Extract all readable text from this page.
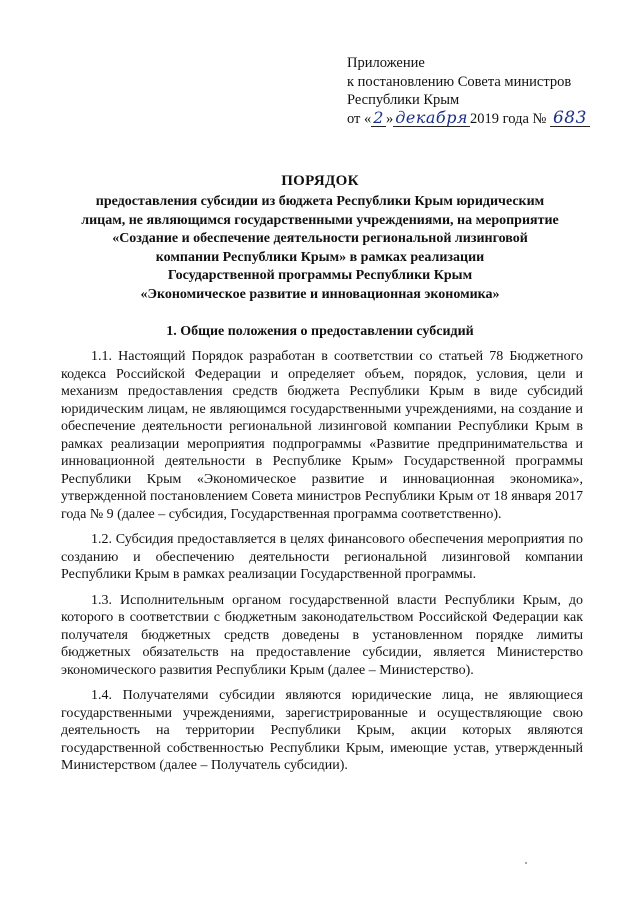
Приложение
к постановлению Совета министров
Республики Крым
от « 2 » декабря 2019 года № 683
ПОРЯДОК
предоставления субсидии из бюджета Республики Крым юридическим
лицам, не являющимся государственными учреждениями, на мероприятие
«Создание и обеспечение деятельности региональной лизинговой
компании Республики Крым» в рамках реализации
Государственной программы Республики Крым
«Экономическое развитие и инновационная экономика»
1. Общие положения о предоставлении субсидий

1.1. Настоящий Порядок разработан в соответствии со статьей 78 Бюджетного кодекса Российской Федерации и определяет объем, порядок, условия, цели и механизм предоставления средств бюджета Республики Крым в виде субсидий юридическим лицам, не являющимся государственными учреждениями, на создание и обеспечение деятельности региональной лизинговой компании Республики Крым в рамках реализации мероприятия подпрограммы «Развитие предпринимательства и инновационной деятельности в Республике Крым» Государственной программы Республики Крым «Экономическое развитие и инновационная экономика», утвержденной постановлением Совета министров Республики Крым от 18 января 2017 года № 9 (далее – субсидия, Государственная программа соответственно).

1.2. Субсидия предоставляется в целях финансового обеспечения мероприятия по созданию и обеспечению деятельности региональной лизинговой компании Республики Крым в рамках реализации Государственной программы.

1.3. Исполнительным органом государственной власти Республики Крым, до которого в соответствии с бюджетным законодательством Российской Федерации как получателя бюджетных средств доведены в установленном порядке лимиты бюджетных обязательств на предоставление субсидии, является Министерство экономического развития Республики Крым (далее – Министерство).

1.4. Получателями субсидии являются юридические лица, не являющиеся государственными учреждениями, зарегистрированные и осуществляющие свою деятельность на территории Республики Крым, акции которых являются государственной собственностью Республики Крым, имеющие устав, утвержденный Министерством (далее – Получатель субсидии).
